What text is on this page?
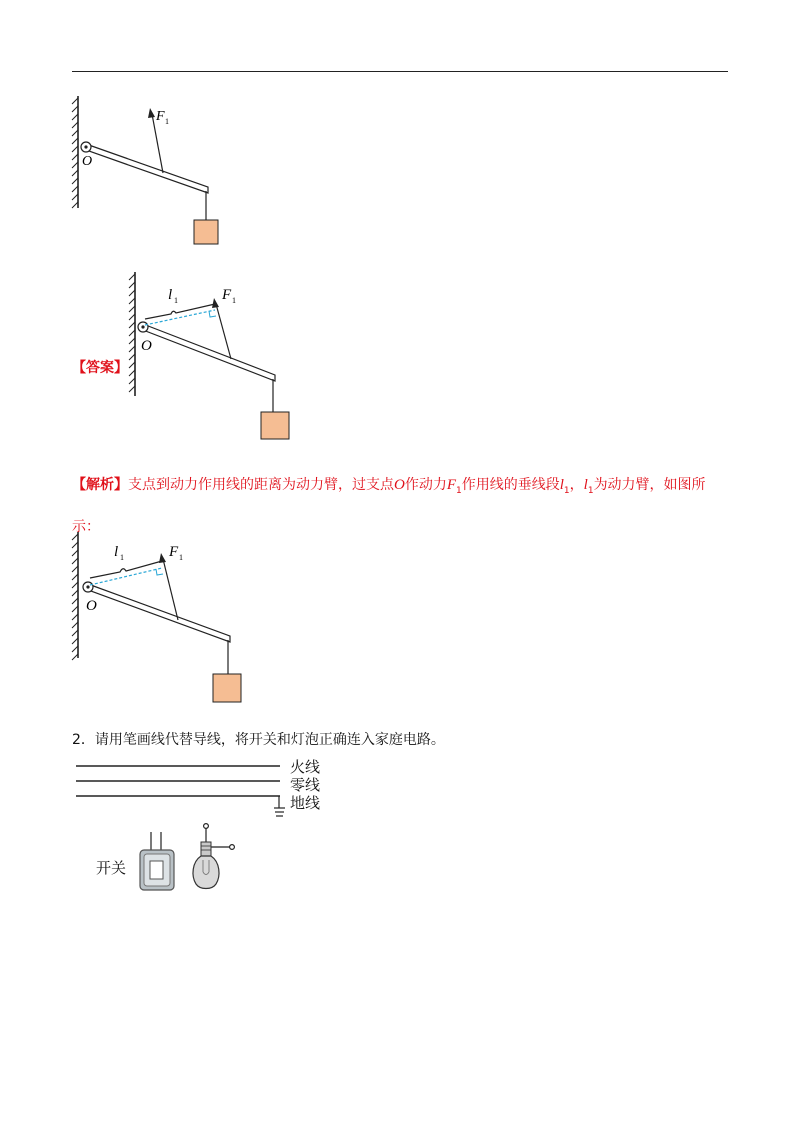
F 1
O
l 1	F 1
O
【答案】
【解析】支点到动力作用线的距离为动力臂，过支点O作动力$F_1$作用线的垂线段$l_1$，$l_1$为动力臂，如图所示：
l 1	F 1
O
2．请用笔画线代替导线，将开关和灯泡正确连入家庭电路。
火线
零线
地线
开关
